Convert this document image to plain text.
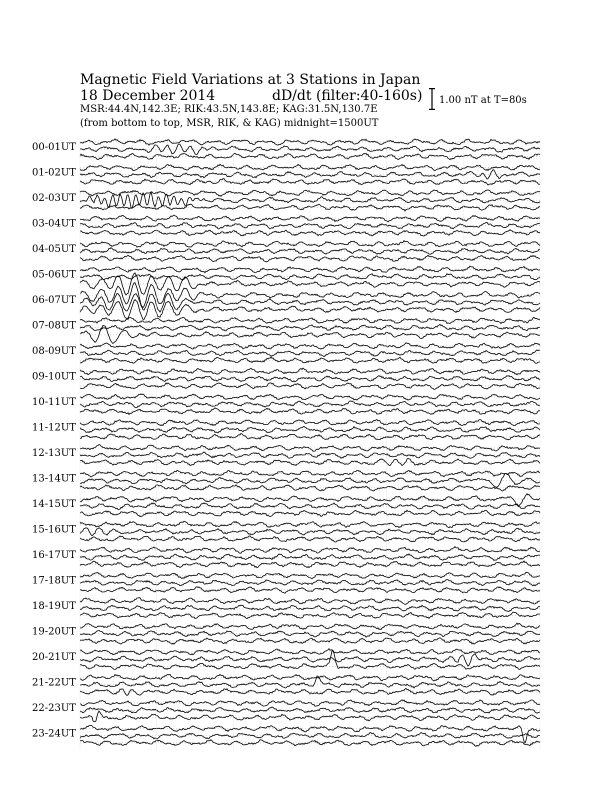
Magnetic Field Variations at 3 Stations in Japan
18 December 2014	dD/dt (filter:40-160s)
MSR:44.4N,142.3E; RIK:43.5N,143.8E; KAG:31.5N,130.7E
(from bottom to top, MSR, RIK, & KAG) midnight=1500UT
1.00 nT at T=80s
00-01UT
01-02UT
02-03UT
03-04UT
04-05UT
05-06UT
06-07UT
07-08UT
08-09UT
09-10UT
10-11UT
11-12UT
12-13UT
13-14UT
14-15UT
15-16UT
16-17UT
17-18UT
18-19UT
19-20UT
20-21UT
21-22UT
22-23UT
23-24UT
